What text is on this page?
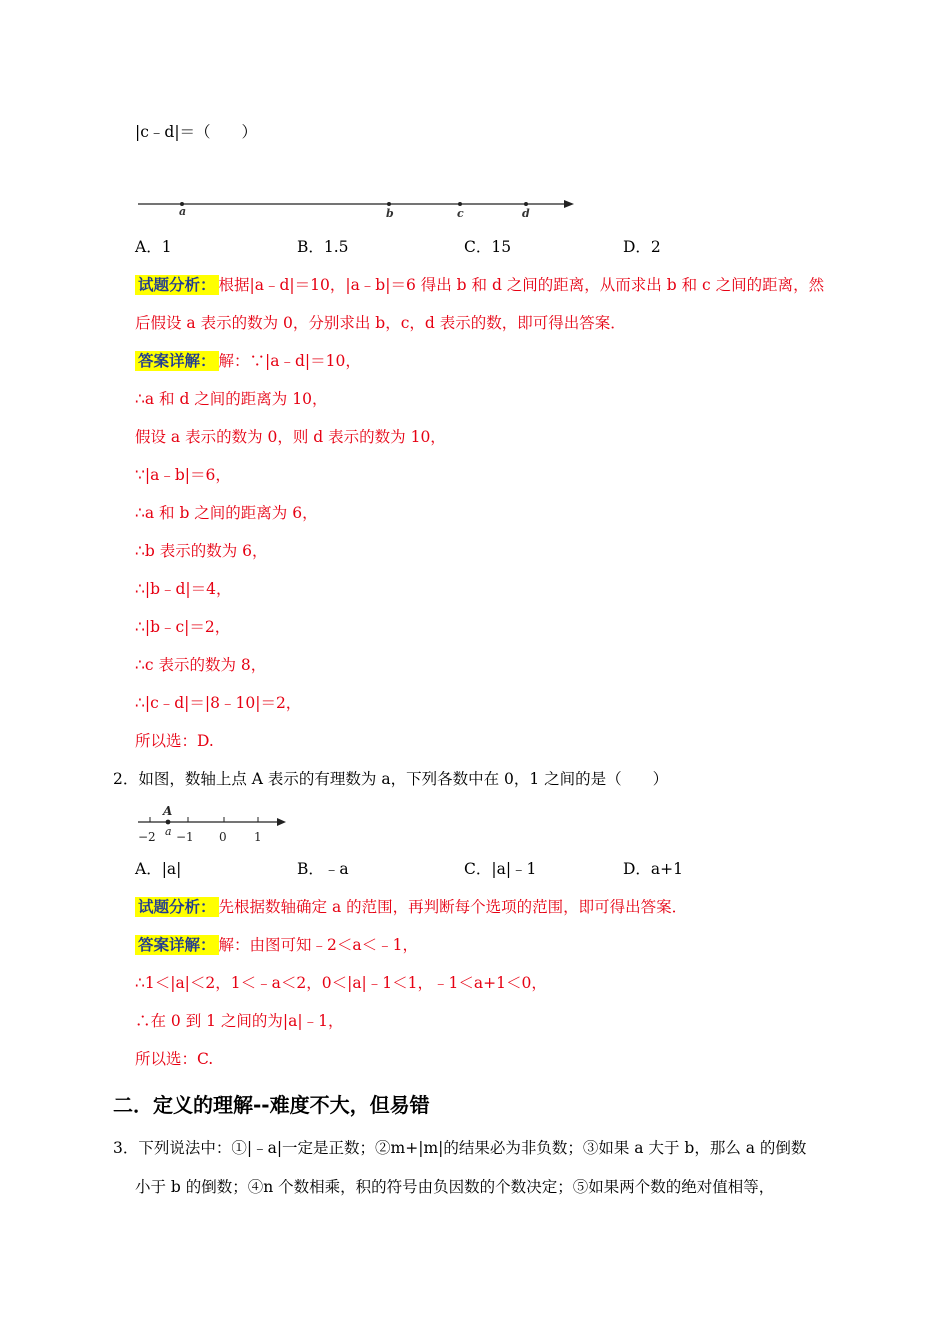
|c﹣d|＝（　　）
a	b	c	d
A．1	B．1.5	C．15	D．2
试题分析： 根据|a﹣d|＝10，|a﹣b|＝6 得出 b 和 d 之间的距离，从而求出 b 和 c 之间的距离，然
后假设 a 表示的数为 0，分别求出 b，c，d 表示的数，即可得出答案．
答案详解： 解：∵|a﹣d|＝10，
∴a 和 d 之间的距离为 10，
假设 a 表示的数为 0，则 d 表示的数为 10，
∵|a﹣b|＝6，
∴a 和 b 之间的距离为 6，
∴b 表示的数为 6，
∴|b﹣d|＝4，
∴|b﹣c|＝2，
∴c 表示的数为 8，
∴|c﹣d|＝|8﹣10|＝2，
所以选：D.
2．如图，数轴上点 A 表示的有理数为 a，下列各数中在 0，1 之间的是（　　）
A
a
−2 −1 0 1
A．|a|	B．﹣a	C．|a|﹣1	D．a+1
试题分析： 先根据数轴确定 a 的范围，再判断每个选项的范围，即可得出答案．
答案详解： 解：由图可知﹣2＜a＜﹣1，
∴1＜|a|＜2，1＜﹣a＜2，0＜|a|﹣1＜1，﹣1＜a+1＜0，
∴在 0 到 1 之间的为|a|﹣1，
所以选：C.
二．定义的理解--难度不大，但易错
3．下列说法中：①|﹣a|一定是正数；②m+|m|的结果必为非负数；③如果 a 大于 b，那么 a 的倒数
小于 b 的倒数；④n 个数相乘，积的符号由负因数的个数决定；⑤如果两个数的绝对值相等，
